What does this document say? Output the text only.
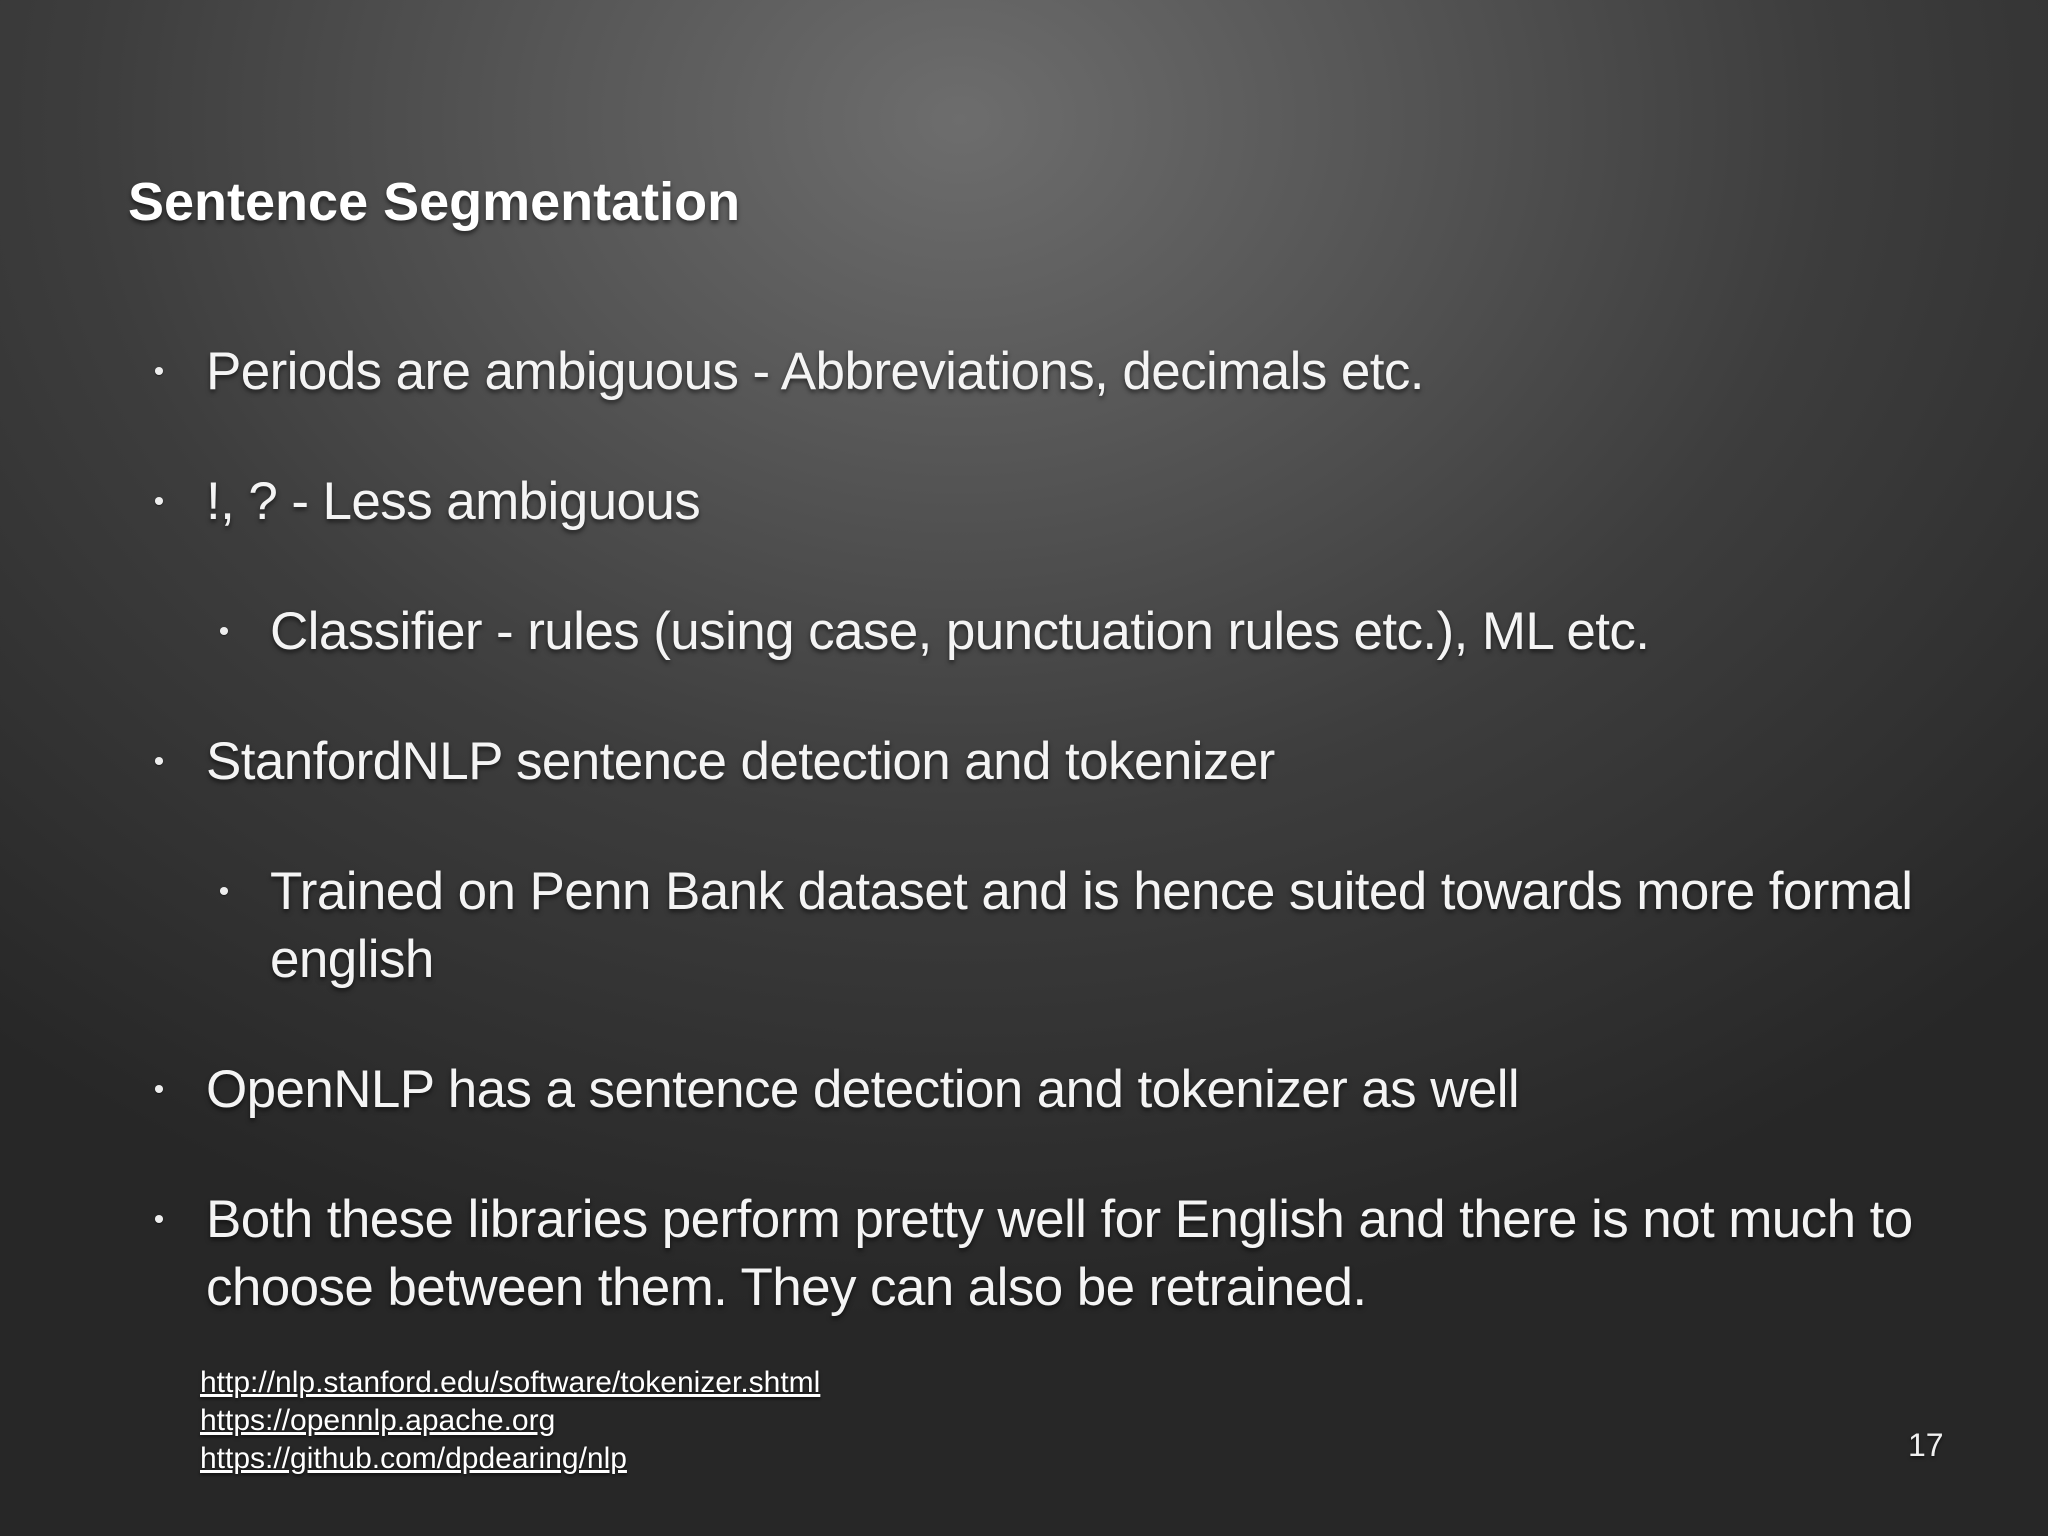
Sentence Segmentation
Periods are ambiguous - Abbreviations, decimals etc.
!, ? - Less ambiguous
Classifier - rules (using case, punctuation rules etc.), ML etc.
StanfordNLP sentence detection and tokenizer
Trained on Penn Bank dataset and is hence suited towards more formal english
OpenNLP has a sentence detection and tokenizer as well
Both these libraries perform pretty well for English and there is not much to choose between them. They can also be retrained.
http://nlp.stanford.edu/software/tokenizer.shtml
https://opennlp.apache.org
https://github.com/dpdearing/nlp	17
